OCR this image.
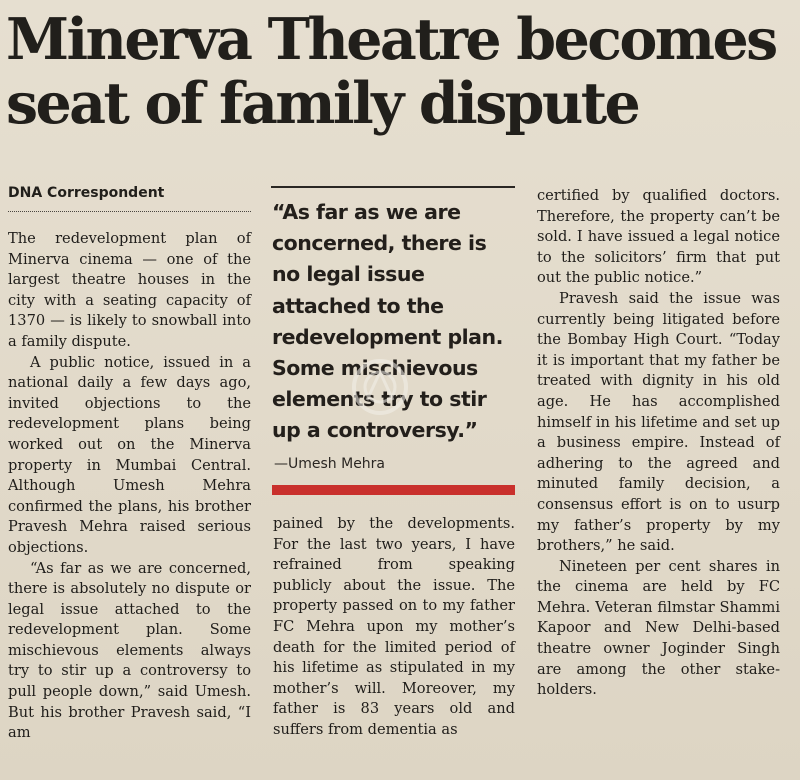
Minerva Theatre becomes
seat of family dispute
DNA Correspondent

The redevelopment plan of Minerva cinema — one of the largest theatre houses in the city with a seating capacity of 1370 — is likely to snowball into a family dispute.

A public notice, issued in a national daily a few days ago, invited objections to the redevelopment plans being worked out on the Minerva property in Mumbai Central. Although Umesh Mehra confirmed the plans, his brother Pravesh Mehra raised serious objections.

“As far as we are concerned, there is absolutely no dispute or legal issue attached to the redevelopment plan. Some mischievous elements always try to stir up a controversy to pull people down,” said Umesh. But his brother Pravesh said, “I am

“As far as we are
concerned, there is
no legal issue
attached to the
redevelopment plan.
Some mischievous
elements try to stir
up a controversy.”
—Umesh Mehra

pained by the developments. For the last two years, I have refrained from speaking publicly about the issue. The property passed on to my father FC Mehra upon my mother’s death for the limited period of his lifetime as stipulated in my mother’s will. Moreover, my father is 83 years old and suffers from dementia as

certified by qualified doctors. Therefore, the property can’t be sold. I have issued a legal notice to the solicitors’ firm that put out the public notice.”

Pravesh said the issue was currently being litigated before the Bombay High Court. “Today it is important that my father be treated with dignity in his old age. He has accomplished himself in his lifetime and set up a business empire. Instead of adhering to the agreed and minuted family decision, a consensus effort is on to usurp my father’s property by my brothers,” he said.

Nineteen per cent shares in the cinema are held by FC Mehra. Veteran filmstar Shammi Kapoor and New Delhi-based theatre owner Joginder Singh are among the other stake-holders.
